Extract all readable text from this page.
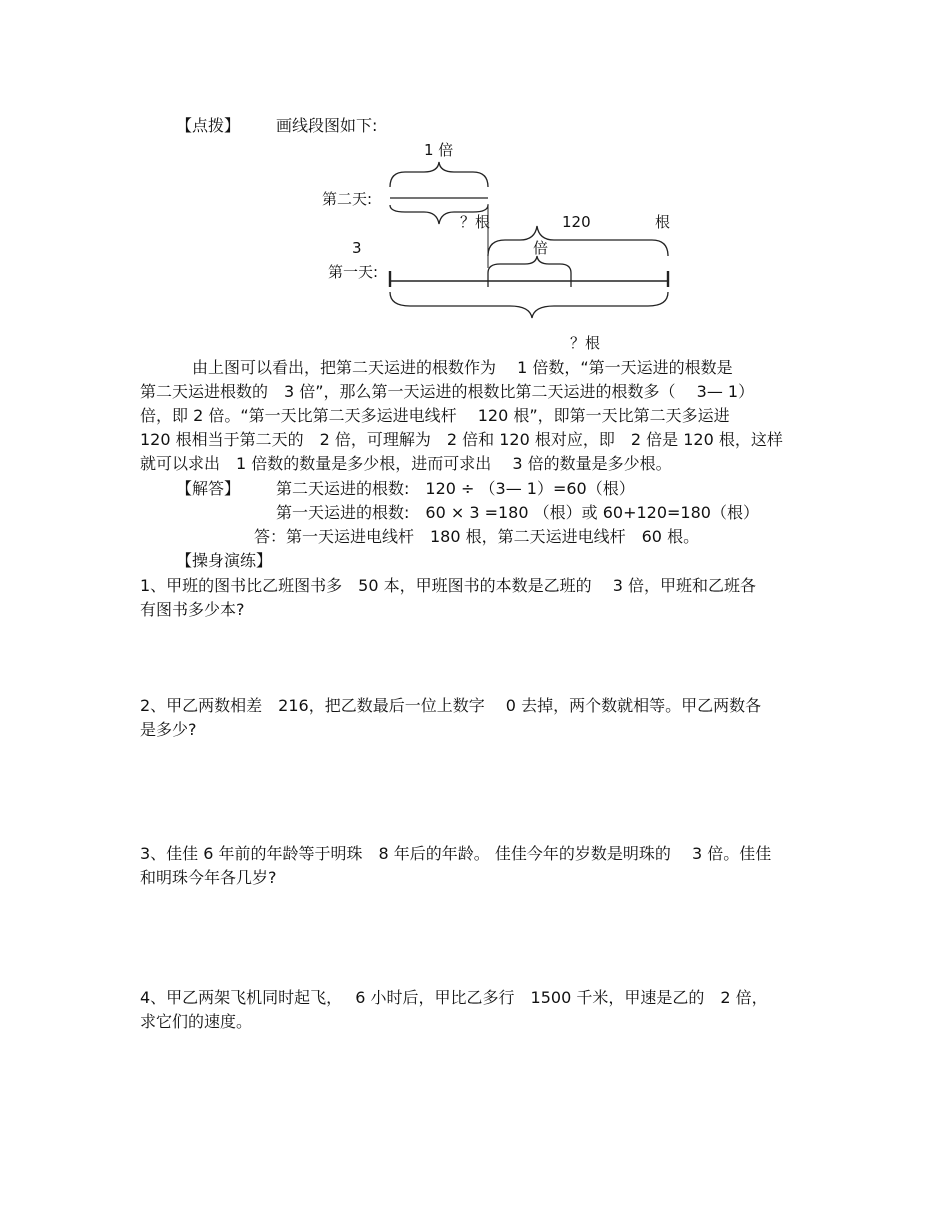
【点拨】 画线段图如下:
1 倍
第二天:
？根	120	根
3	倍
第一天:
？根
由上图可以看出，把第二天运进的根数作为　 1 倍数，“第一天运进的根数是
第二天运进根数的　3 倍”，那么第一天运进的根数比第二天运进的根数多（　 3— 1）
倍，即 2 倍。“第一天比第二天多运进电线杆　 120 根”，即第一天比第二天多运进
120 根相当于第二天的　2 倍，可理解为　2 倍和 120 根对应，即　2 倍是 120 根，这样
就可以求出　1 倍数的数量是多少根，进而可求出　 3 倍的数量是多少根。
【解答】 第二天运进的根数:　120 ÷ （3— 1）=60（根）
第一天运进的根数:　60 × 3 =180 （根）或 60+120=180（根）
答：第一天运进电线杆　180 根，第二天运进电线杆　60 根。
【操身演练】
1、甲班的图书比乙班图书多　50 本，甲班图书的本数是乙班的　 3 倍，甲班和乙班各
有图书多少本?
2、甲乙两数相差　216，把乙数最后一位上数字　 0 去掉，两个数就相等。甲乙两数各
是多少?
3、佳佳 6 年前的年龄等于明珠　8 年后的年龄。 佳佳今年的岁数是明珠的　 3 倍。佳佳
和明珠今年各几岁?
4、甲乙两架飞机同时起飞，　 6 小时后，甲比乙多行　1500 千米，甲速是乙的　2 倍，
求它们的速度。
